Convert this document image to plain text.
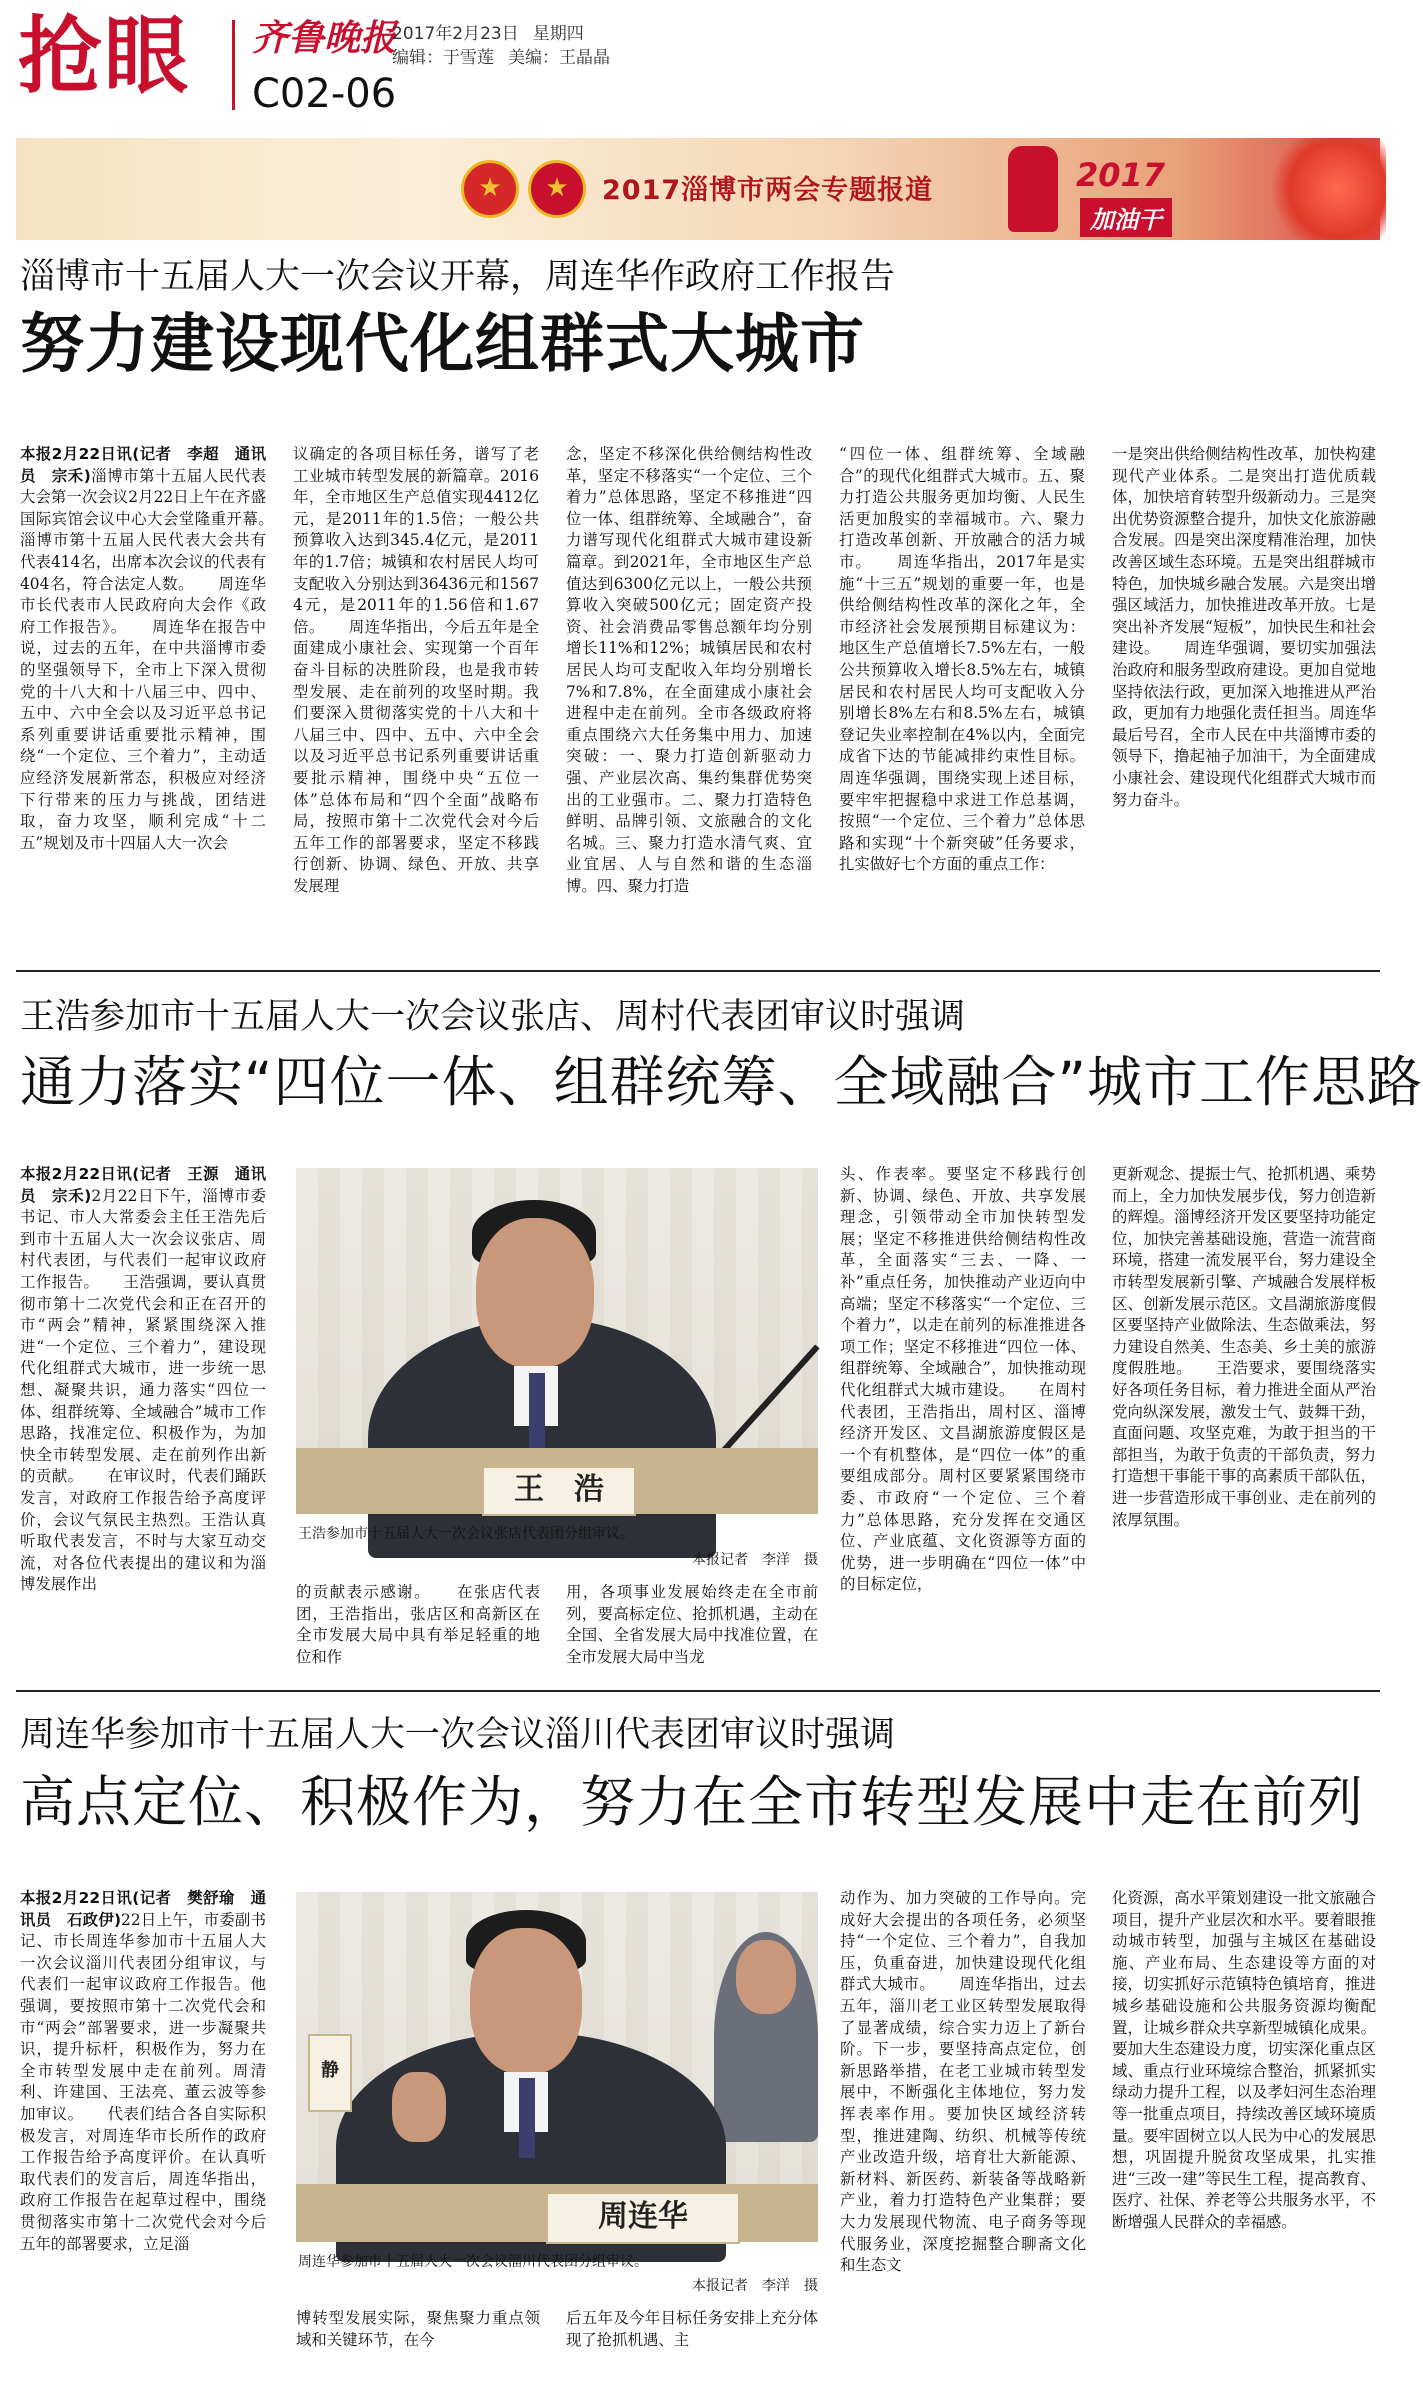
抢眼 齐鲁晚报
C02-06
2017年2月23日 星期四
编辑：于雪莲 美编：王晶晶
★
★
2017淄博市两会专题报道	2017
加油干
淄博市十五届人大一次会议开幕，周连华作政府工作报告
努力建设现代化组群式大城市

本报2月22日讯(记者　李超　通讯员　宗禾)淄博市第十五届人民代表大会第一次会议2月22日上午在齐盛国际宾馆会议中心大会堂隆重开幕。　　淄博市第十五届人民代表大会共有代表414名，出席本次会议的代表有404名，符合法定人数。　　周连华市长代表市人民政府向大会作《政府工作报告》。　　周连华在报告中说，过去的五年，在中共淄博市委的坚强领导下，全市上下深入贯彻党的十八大和十八届三中、四中、五中、六中全会以及习近平总书记系列重要讲话重要批示精神，围绕“一个定位、三个着力”，主动适应经济发展新常态，积极应对经济下行带来的压力与挑战，团结进取，奋力攻坚，顺利完成“十二五”规划及市十四届人大一次会

议确定的各项目标任务，谱写了老工业城市转型发展的新篇章。2016年，全市地区生产总值实现4412亿元，是2011年的1.5倍；一般公共预算收入达到345.4亿元，是2011年的1.7倍；城镇和农村居民人均可支配收入分别达到36436元和15674元，是2011年的1.56倍和1.67倍。　　周连华指出，今后五年是全面建成小康社会、实现第一个百年奋斗目标的决胜阶段，也是我市转型发展、走在前列的攻坚时期。我们要深入贯彻落实党的十八大和十八届三中、四中、五中、六中全会以及习近平总书记系列重要讲话重要批示精神，围绕中央“五位一体”总体布局和“四个全面”战略布局，按照市第十二次党代会对今后五年工作的部署要求，坚定不移践行创新、协调、绿色、开放、共享发展理

念，坚定不移深化供给侧结构性改革，坚定不移落实“一个定位、三个着力”总体思路，坚定不移推进“四位一体、组群统筹、全域融合”，奋力谱写现代化组群式大城市建设新篇章。到2021年，全市地区生产总值达到6300亿元以上，一般公共预算收入突破500亿元；固定资产投资、社会消费品零售总额年均分别增长11%和12%；城镇居民和农村居民人均可支配收入年均分别增长7%和7.8%，在全面建成小康社会进程中走在前列。全市各级政府将重点围绕六大任务集中用力、加速突破：一、聚力打造创新驱动力强、产业层次高、集约集群优势突出的工业强市。二、聚力打造特色鲜明、品牌引领、文旅融合的文化名城。三、聚力打造水清气爽、宜业宜居、人与自然和谐的生态淄博。四、聚力打造

“四位一体、组群统筹、全域融合”的现代化组群式大城市。五、聚力打造公共服务更加均衡、人民生活更加殷实的幸福城市。六、聚力打造改革创新、开放融合的活力城市。　　周连华指出，2017年是实施“十三五”规划的重要一年，也是供给侧结构性改革的深化之年，全市经济社会发展预期目标建议为：地区生产总值增长7.5%左右，一般公共预算收入增长8.5%左右，城镇居民和农村居民人均可支配收入分别增长8%左右和8.5%左右，城镇登记失业率控制在4%以内，全面完成省下达的节能减排约束性目标。周连华强调，围绕实现上述目标，要牢牢把握稳中求进工作总基调，按照“一个定位、三个着力”总体思路和实现“十个新突破”任务要求，扎实做好七个方面的重点工作：

一是突出供给侧结构性改革，加快构建现代产业体系。二是突出打造优质载体，加快培育转型升级新动力。三是突出优势资源整合提升，加快文化旅游融合发展。四是突出深度精准治理，加快改善区域生态环境。五是突出组群城市特色，加快城乡融合发展。六是突出增强区域活力，加快推进改革开放。七是突出补齐发展“短板”，加快民生和社会建设。　　周连华强调，要切实加强法治政府和服务型政府建设。更加自觉地坚持依法行政，更加深入地推进从严治政，更加有力地强化责任担当。周连华最后号召，全市人民在中共淄博市委的领导下，撸起袖子加油干，为全面建成小康社会、建设现代化组群式大城市而努力奋斗。

王浩参加市十五届人大一次会议张店、周村代表团审议时强调
通力落实“四位一体、组群统筹、全域融合”城市工作思路

本报2月22日讯(记者　王源　通讯员　宗禾)2月22日下午，淄博市委书记、市人大常委会主任王浩先后到市十五届人大一次会议张店、周村代表团，与代表们一起审议政府工作报告。　　王浩强调，要认真贯彻市第十二次党代会和正在召开的市“两会”精神，紧紧围绕深入推进“一个定位、三个着力”，建设现代化组群式大城市，进一步统一思想、凝聚共识，通力落实“四位一体、组群统筹、全域融合”城市工作思路，找准定位、积极作为，为加快全市转型发展、走在前列作出新的贡献。　　在审议时，代表们踊跃发言，对政府工作报告给予高度评价，会议气氛民主热烈。王浩认真听取代表发言，不时与大家互动交流，对各位代表提出的建议和为淄博发展作出

王　浩
王浩参加市十五届人大一次会议张店代表团分组审议。
本报记者　李洋　摄

的贡献表示感谢。　　在张店代表团，王浩指出，张店区和高新区在全市发展大局中具有举足轻重的地位和作

用，各项事业发展始终走在全市前列，要高标定位、抢抓机遇，主动在全国、全省发展大局中找准位置，在全市发展大局中当龙

头、作表率。要坚定不移践行创新、协调、绿色、开放、共享发展理念，引领带动全市加快转型发展；坚定不移推进供给侧结构性改革，全面落实“三去、一降、一补”重点任务，加快推动产业迈向中高端；坚定不移落实“一个定位、三个着力”，以走在前列的标准推进各项工作；坚定不移推进“四位一体、组群统筹、全域融合”，加快推动现代化组群式大城市建设。　　在周村代表团，王浩指出，周村区、淄博经济开发区、文昌湖旅游度假区是一个有机整体，是“四位一体”的重要组成部分。周村区要紧紧围绕市委、市政府“一个定位、三个着力”总体思路，充分发挥在交通区位、产业底蕴、文化资源等方面的优势，进一步明确在“四位一体”中的目标定位，

更新观念、提振士气、抢抓机遇、乘势而上，全力加快发展步伐，努力创造新的辉煌。淄博经济开发区要坚持功能定位，加快完善基础设施，营造一流营商环境，搭建一流发展平台，努力建设全市转型发展新引擎、产城融合发展样板区、创新发展示范区。文昌湖旅游度假区要坚持产业做除法、生态做乘法，努力建设自然美、生态美、乡土美的旅游度假胜地。　　王浩要求，要围绕落实好各项任务目标，着力推进全面从严治党向纵深发展，激发士气、鼓舞干劲，直面问题、攻坚克难，为敢于担当的干部担当，为敢于负责的干部负责，努力打造想干事能干事的高素质干部队伍，进一步营造形成干事创业、走在前列的浓厚氛围。

周连华参加市十五届人大一次会议淄川代表团审议时强调
高点定位、积极作为，努力在全市转型发展中走在前列

本报2月22日讯(记者　樊舒瑜　通讯员　石政伊)22日上午，市委副书记、市长周连华参加市十五届人大一次会议淄川代表团分组审议，与代表们一起审议政府工作报告。他强调，要按照市第十二次党代会和市“两会”部署要求，进一步凝聚共识，提升标杆，积极作为，努力在全市转型发展中走在前列。周清利、许建国、王法亮、董云波等参加审议。　　代表们结合各自实际积极发言，对周连华市长所作的政府工作报告给予高度评价。在认真听取代表们的发言后，周连华指出，政府工作报告在起草过程中，围绕贯彻落实市第十二次党代会对今后五年的部署要求，立足淄

静
周连华
周连华参加市十五届人大一次会议淄川代表团分组审议。
本报记者　李洋　摄

博转型发展实际，聚焦聚力重点领域和关键环节，在今

后五年及今年目标任务安排上充分体现了抢抓机遇、主

动作为、加力突破的工作导向。完成好大会提出的各项任务，必须坚持“一个定位、三个着力”，自我加压，负重奋进，加快建设现代化组群式大城市。　　周连华指出，过去五年，淄川老工业区转型发展取得了显著成绩，综合实力迈上了新台阶。下一步，要坚持高点定位，创新思路举措，在老工业城市转型发展中，不断强化主体地位，努力发挥表率作用。要加快区域经济转型，推进建陶、纺织、机械等传统产业改造升级，培育壮大新能源、新材料、新医药、新装备等战略新产业，着力打造特色产业集群；要大力发展现代物流、电子商务等现代服务业，深度挖掘整合聊斋文化和生态文

化资源，高水平策划建设一批文旅融合项目，提升产业层次和水平。要着眼推动城市转型，加强与主城区在基础设施、产业布局、生态建设等方面的对接，切实抓好示范镇特色镇培育，推进城乡基础设施和公共服务资源均衡配置，让城乡群众共享新型城镇化成果。要加大生态建设力度，切实深化重点区域、重点行业环境综合整治，抓紧抓实绿动力提升工程，以及孝妇河生态治理等一批重点项目，持续改善区域环境质量。要牢固树立以人民为中心的发展思想，巩固提升脱贫攻坚成果，扎实推进“三改一建”等民生工程，提高教育、医疗、社保、养老等公共服务水平，不断增强人民群众的幸福感。
